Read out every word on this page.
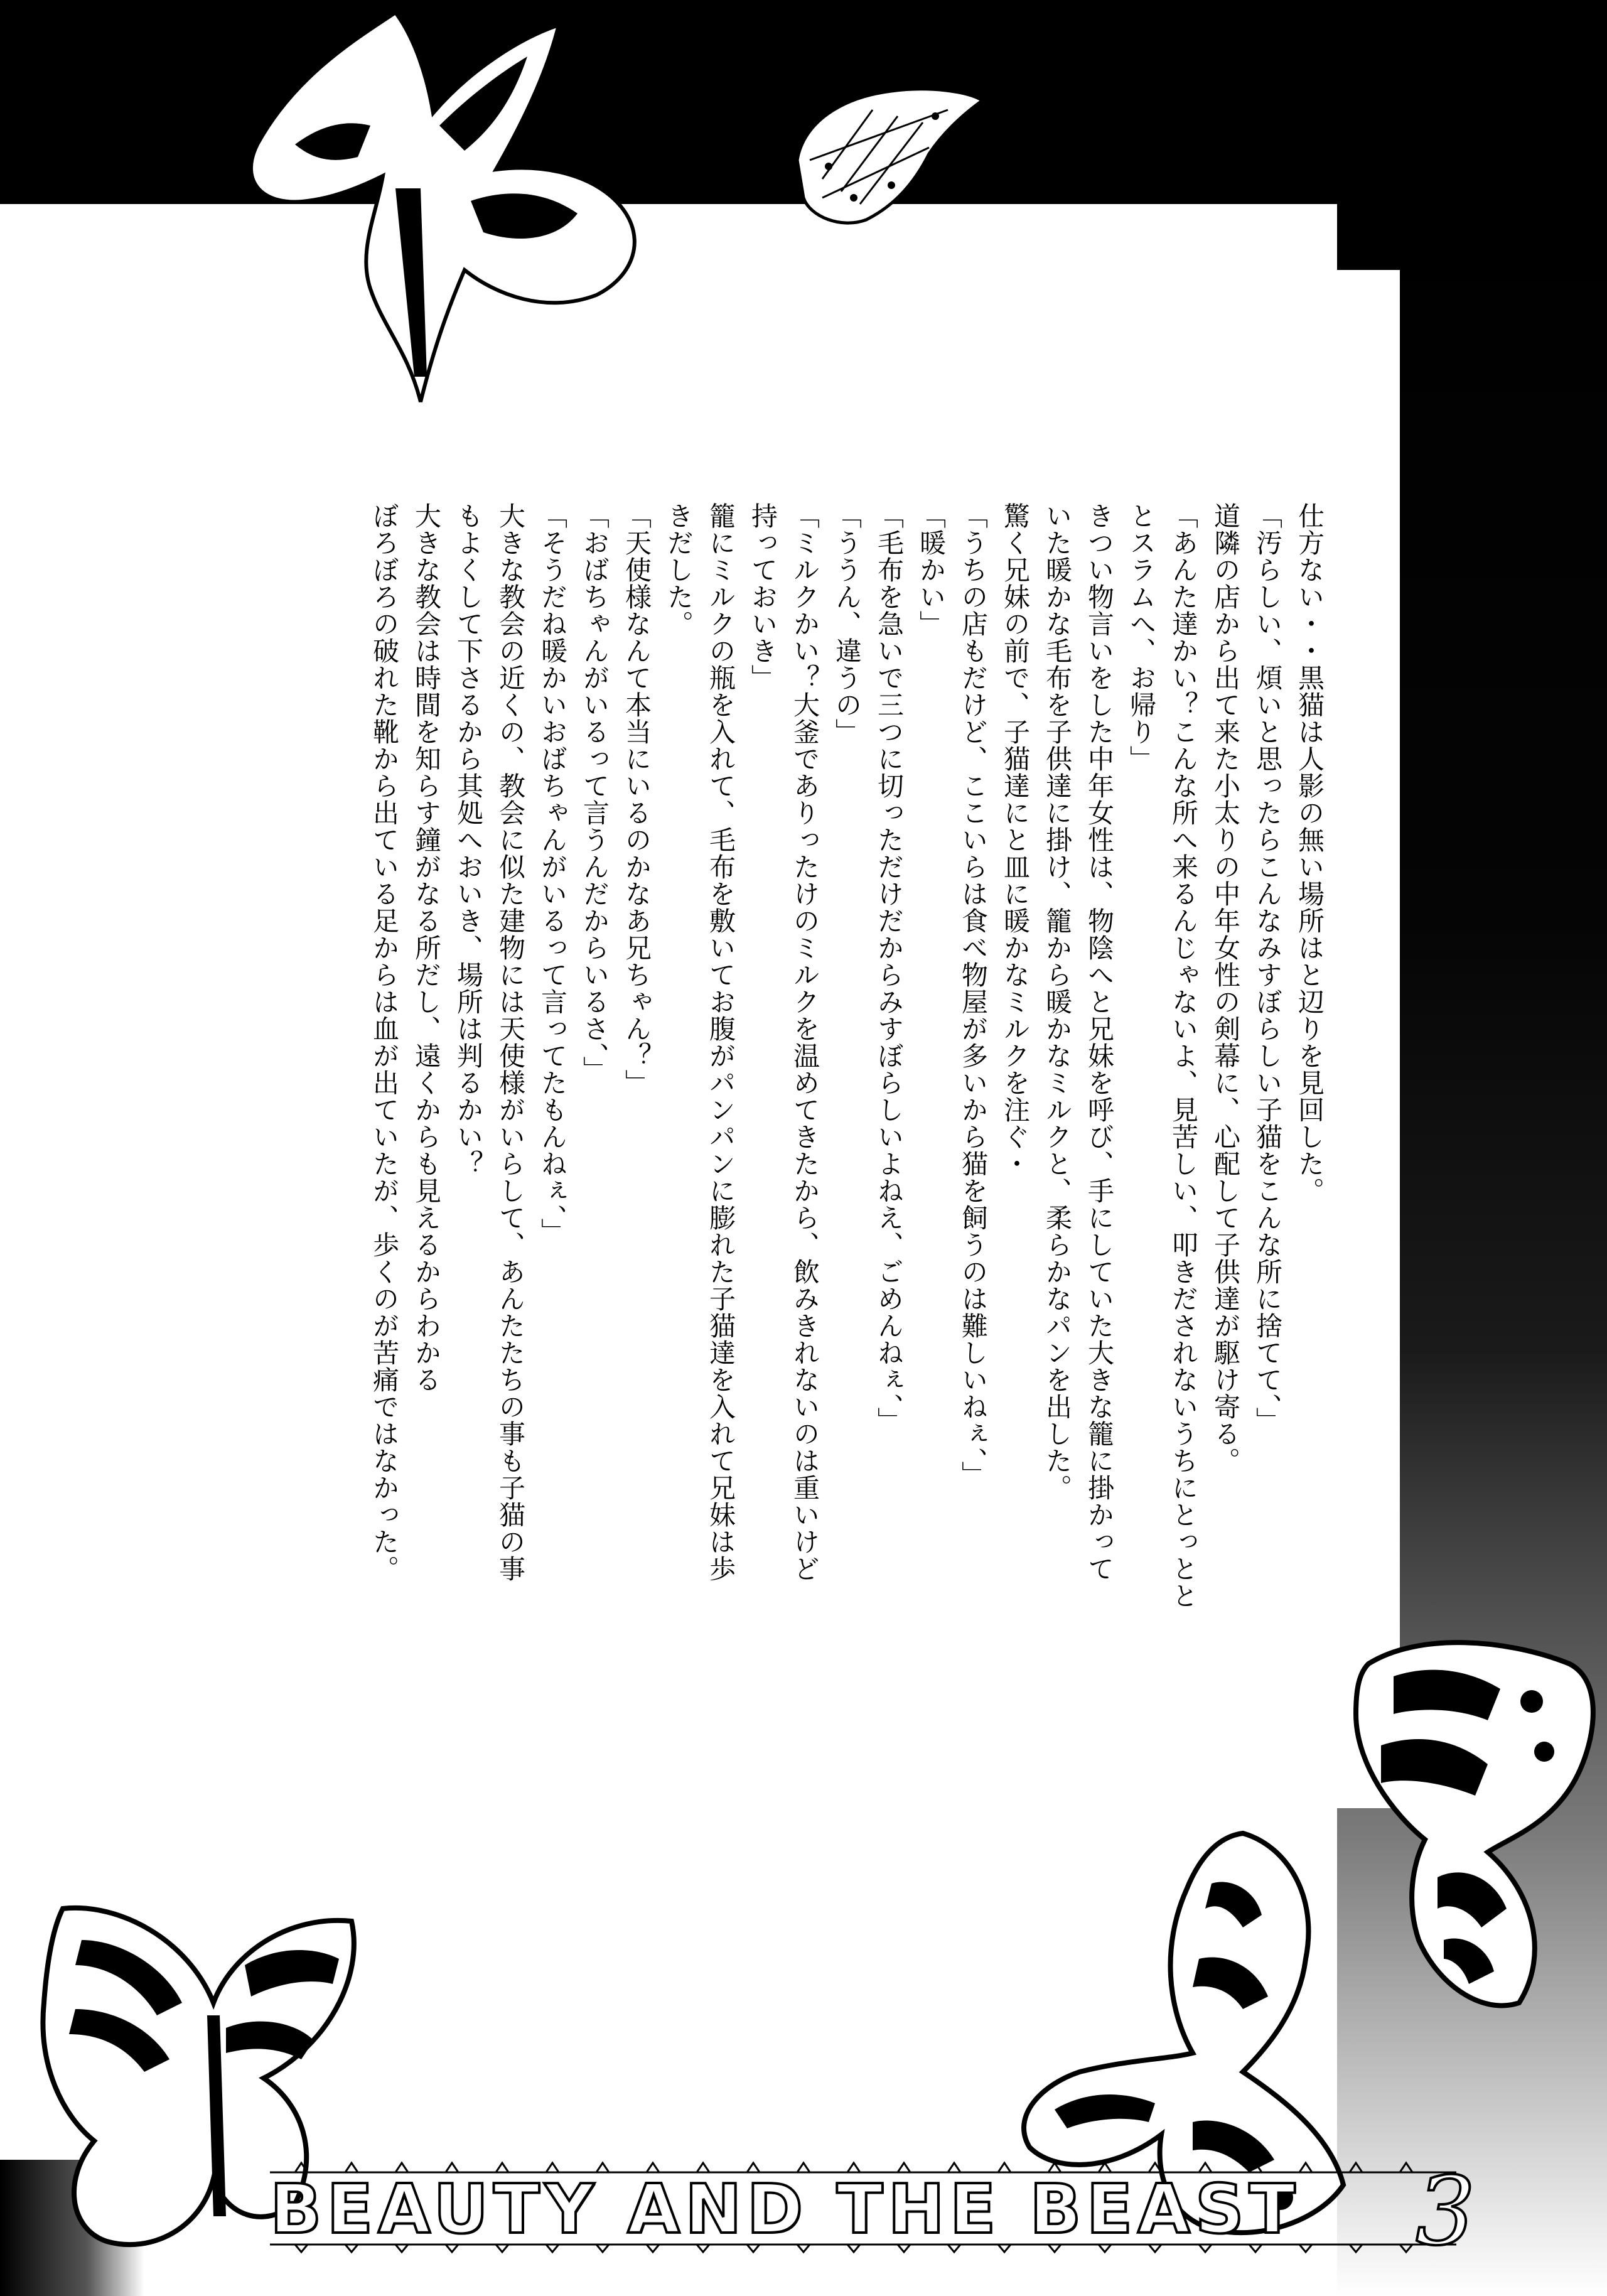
仕方ない・・黒猫は人影の無い場所はと辺りを見回した。

「汚らしい、煩いと思ったらこんなみすぼらしい子猫をこんな所に捨てて、」

道隣の店から出て来た小太りの中年女性の剣幕に、心配して子供達が駆け寄る。

「あんた達かい？こんな所へ来るんじゃないよ、見苦しい、叩きだされないうちにとっとと

とスラムへ、お帰り」

きつい物言いをした中年女性は、物陰へと兄妹を呼び、手にしていた大きな籠に掛かって

いた暖かな毛布を子供達に掛け、籠から暖かなミルクと、柔らかなパンを出した。

驚く兄妹の前で、子猫達にと皿に暖かなミルクを注ぐ・

「うちの店もだけど、ここいらは食べ物屋が多いから猫を飼うのは難しいねぇ、」

「暖かい」

「毛布を急いで三つに切っただけだからみすぼらしいよねえ、ごめんねぇ、」

「ううん、違うの」

「ミルクかい？大釜でありったけのミルクを温めてきたから、飲みきれないのは重いけど

持っておいき」

籠にミルクの瓶を入れて、毛布を敷いてお腹がパンパンに膨れた子猫達を入れて兄妹は歩

きだした。

「天使様なんて本当にいるのかなあ兄ちゃん？」

「おばちゃんがいるって言うんだからいるさ、」

「そうだね暖かいおばちゃんがいるって言ってたもんねぇ、」

大きな教会の近くの、教会に似た建物には天使様がいらして、あんたたちの事も子猫の事

もよくして下さるから其処へおいき、場所は判るかい？

大きな教会は時間を知らす鐘がなる所だし、遠くからも見えるからわかる

ぼろぼろの破れた靴から出ている足からは血が出ていたが、歩くのが苦痛ではなかった。

BEAUTY AND THE BEAST	3
